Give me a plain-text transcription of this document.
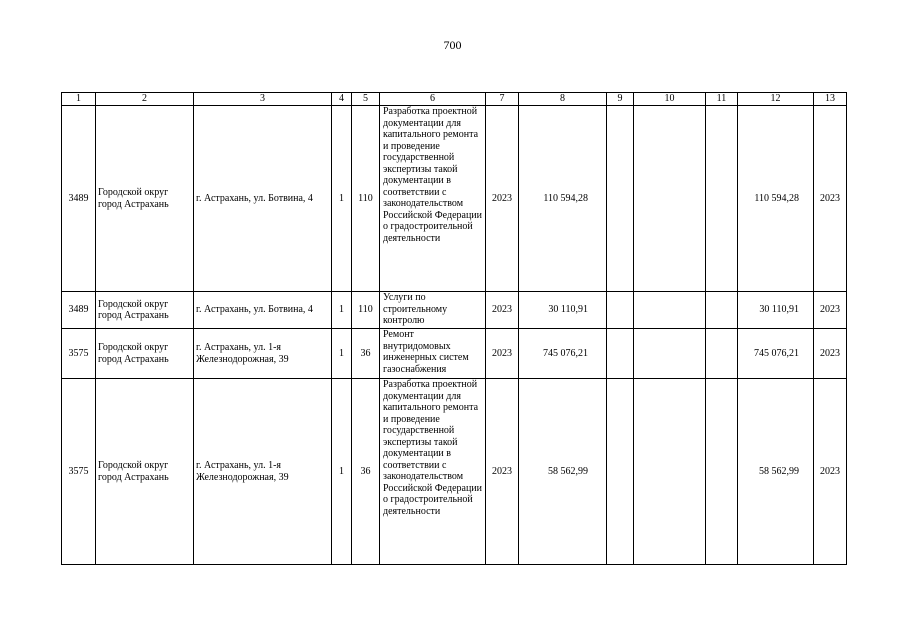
700
1	2	3	4	5	6	7	8	9	10	11	12	13
3489	Городской округ город Астрахань	г. Астрахань, ул. Ботвина, 4	1	110	Разработка проектной документации для капитального ремонта и проведение государственной экспертизы такой документации в соответствии с законодательством Российской Федерации о градостроительной деятельности	2023	110 594,28				110 594,28	2023
3489	Городской округ город Астрахань	г. Астрахань, ул. Ботвина, 4	1	110	Услуги по строительному контролю	2023	30 110,91				30 110,91	2023
3575	Городской округ город Астрахань	г. Астрахань, ул. 1-я Железнодорожная, 39	1	36	Ремонт внутридомовых инженерных систем газоснабжения	2023	745 076,21				745 076,21	2023
3575	Городской округ город Астрахань	г. Астрахань, ул. 1-я Железнодорожная, 39	1	36	Разработка проектной документации для капитального ремонта и проведение государственной экспертизы такой документации в соответствии с законодательством Российской Федерации о градостроительной деятельности	2023	58 562,99				58 562,99	2023
